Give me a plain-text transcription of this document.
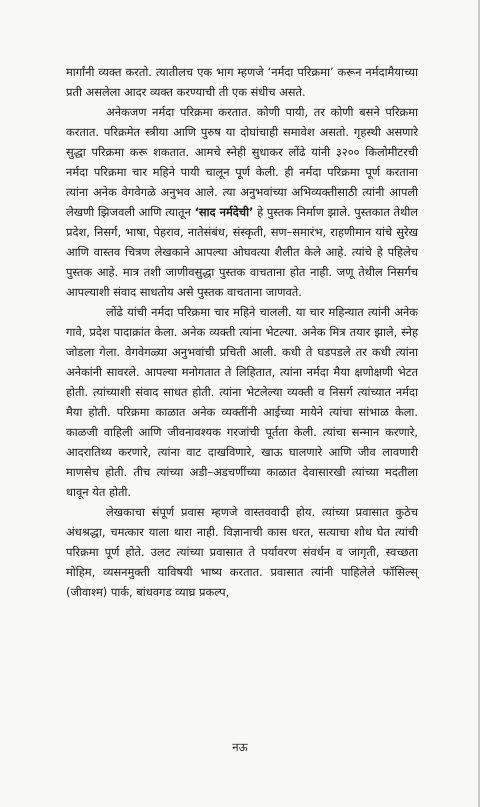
मार्गांनी व्यक्त करतो. त्यातीलच एक भाग म्हणजे ‘नर्मदा परिक्रमा’ करून नर्मदामैयाच्या प्रती असलेला आदर व्यक्त करण्याची ती एक संधीच असते.

अनेकजण नर्मदा परिक्रमा करतात. कोणी पायी, तर कोणी बसने परिक्रमा करतात. परिक्रमेत स्त्रीया आणि पुरुष या दोघांचाही समावेश असतो. गृहस्थी असणारे सुद्धा परिक्रमा करू शकतात. आमचे स्नेही सुधाकर लोंढे यांनी ३२०० किलोमीटरची नर्मदा परिक्रमा चार महिने पायी चालून पूर्ण केली. ही नर्मदा परिक्रमा पूर्ण करताना त्यांना अनेक वेगवेगळे अनुभव आले. त्या अनुभवांच्या अभिव्यक्तीसाठी त्यांनी आपली लेखणी झिजवली आणि त्यातून ‘साद नर्मदेची’ हे पुस्तक निर्माण झाले. पुस्तकात तेथील प्रदेश, निसर्ग, भाषा, पेहराव, नातेसंबंध, संस्कृती, सण–समारंभ, राहणीमान यांचे सुरेख आणि वास्तव चित्रण लेखकाने आपल्या ओघवत्या शैलीत केले आहे. त्यांचे हे पहिलेच पुस्तक आहे. मात्र तशी जाणीवसुद्धा पुस्तक वाचताना होत नाही. जणू तेथील निसर्गच आपल्याशी संवाद साधतोय असे पुस्तक वाचताना जाणवते.

लोंढे यांची नर्मदा परिक्रमा चार महिने चालली. या चार महिन्यात त्यांनी अनेक गावे, प्रदेश पादाक्रांत केला. अनेक व्यक्ती त्यांना भेटल्या. अनेक मित्र तयार झाले, स्नेह जोडला गेला. वेगवेगळ्या अनुभवांची प्रचिती आली. कधी ते घडपडले तर कधी त्यांना अनेकांनी सावरले. आपल्या मनोगतात ते लिहितात, त्यांना नर्मदा मैया क्षणोक्षणी भेटत होती. त्यांच्याशी संवाद साधत होती. त्यांना भेटलेल्या व्यक्ती व निसर्ग त्यांच्यात नर्मदा मैया होती. परिक्रमा काळात अनेक व्यक्तींनी आईच्या मायेने त्यांचा सांभाळ केला. काळजी वाहिली आणि जीवनावश्यक गरजांची पूर्तता केली. त्यांचा सन्मान करणारे, आदरातिथ्य करणारे, त्यांना वाट दाखविणारे, खाऊ घालणारे आणि जीव लावणारी माणसेच होती. तीच त्यांच्या अडी–अडचणींच्या काळात देवासारखी त्यांच्या मदतीला धावून येत होती.

लेखकाचा संपूर्ण प्रवास म्हणजे वास्तववादी होय. त्यांच्या प्रवासात कुठेच अंधश्रद्धा, चमत्कार याला थारा नाही. विज्ञानाची कास धरत, सत्याचा शोध घेत त्यांची परिक्रमा पूर्ण होते. उलट त्यांच्या प्रवासात ते पर्यावरण संवर्धन व जागृती, स्वच्छता मोहिम, व्यसनमुक्ती याविषयी भाष्य करतात. प्रवासात त्यांनी पाहिलेले फॉसिल्स् (जीवाश्म) पार्क, बांधवगड व्याघ्र प्रकल्प,

नऊ
